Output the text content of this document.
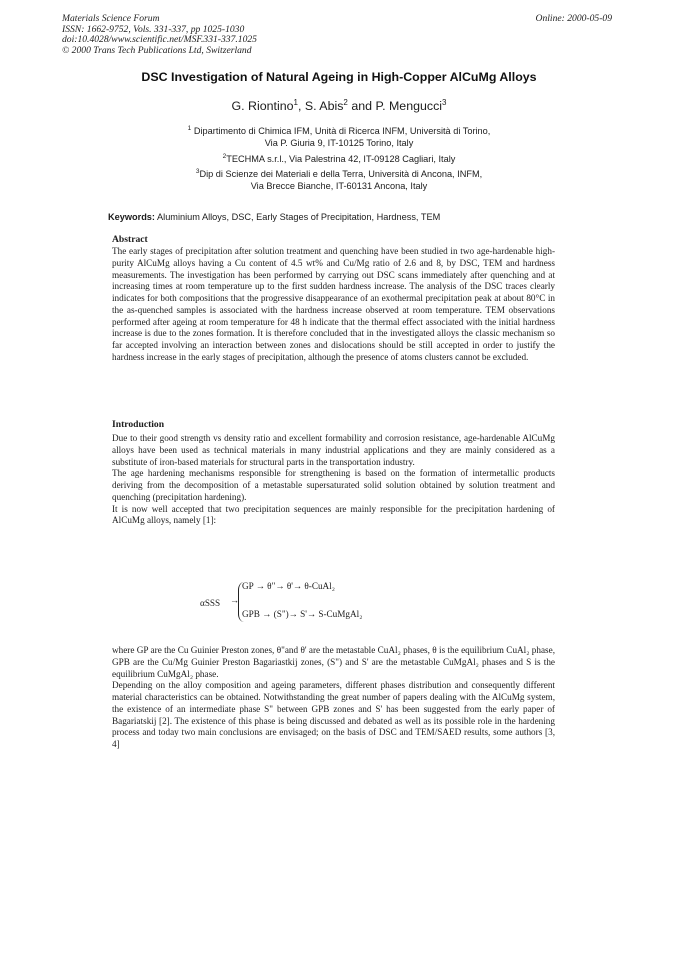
Materials Science Forum
ISSN: 1662-9752, Vols. 331-337, pp 1025-1030
doi:10.4028/www.scientific.net/MSF.331-337.1025
© 2000 Trans Tech Publications Ltd, Switzerland
Online: 2000-05-09
DSC Investigation of Natural Ageing in High-Copper AlCuMg Alloys
G. Riontino$^1$, S. Abis$^2$ and P. Mengucci$^3$
$^1$ Dipartimento di Chimica IFM, Unità di Ricerca INFM, Università di Torino,
Via P. Giuria 9, IT-10125 Torino, Italy
$^2$TECHMA s.r.l., Via Palestrina 42, IT-09128 Cagliari, Italy
$^3$Dip di Scienze dei Materiali e della Terra, Università di Ancona, INFM,
Via Brecce Bianche, IT-60131 Ancona, Italy
Keywords: Aluminium Alloys, DSC, Early Stages of Precipitation, Hardness, TEM
Abstract
The early stages of precipitation after solution treatment and quenching have been studied in two age-hardenable high-purity AlCuMg alloys having a Cu content of 4.5 wt% and Cu/Mg ratio of 2.6 and 8, by DSC, TEM and hardness measurements. The investigation has been performed by carrying out DSC scans immediately after quenching and at increasing times at room temperature up to the first sudden hardness increase. The analysis of the DSC traces clearly indicates for both compositions that the progressive disappearance of an exothermal precipitation peak at about 80°C in the as-quenched samples is associated with the hardness increase observed at room temperature. TEM observations performed after ageing at room temperature for 48 h indicate that the thermal effect associated with the initial hardness increase is due to the zones formation. It is therefore concluded that in the investigated alloys the classic mechanism so far accepted involving an interaction between zones and dislocations should be still accepted in order to justify the hardness increase in the early stages of precipitation, although the presence of atoms clusters cannot be excluded.
Introduction

Due to their good strength vs density ratio and excellent formability and corrosion resistance, age-hardenable AlCuMg alloys have been used as technical materials in many industrial applications and they are mainly considered as a substitute of iron-based materials for structural parts in the transportation industry.

The age hardening mechanisms responsible for strengthening is based on the formation of intermetallic products deriving from the decomposition of a metastable supersaturated solid solution obtained by solution treatment and quenching (precipitation hardening).

It is now well accepted that two precipitation sequences are mainly responsible for the precipitation hardening of AlCuMg alloys, namely [1]:

αSSS →
GP → θ"→ θ'→ θ-CuAl₂
GPB → (S")→ S'→ S-CuMgAl₂

where GP are the Cu Guinier Preston zones, θ"and θ' are the metastable CuAl₂ phases, θ is the equilibrium CuAl₂ phase, GPB are the Cu/Mg Guinier Preston Bagariastkij zones, (S") and S' are the metastable CuMgAl₂ phases and S is the equilibrium CuMgAl₂ phase.

Depending on the alloy composition and ageing parameters, different phases distribution and consequently different material characteristics can be obtained. Notwithstanding the great number of papers dealing with the AlCuMg system, the existence of an intermediate phase S" between GPB zones and S' has been suggested from the early paper of Bagariatskij [2]. The existence of this phase is being discussed and debated as well as its possible role in the hardening process and today two main conclusions are envisaged; on the basis of DSC and TEM/SAED results, some authors [3, 4]
